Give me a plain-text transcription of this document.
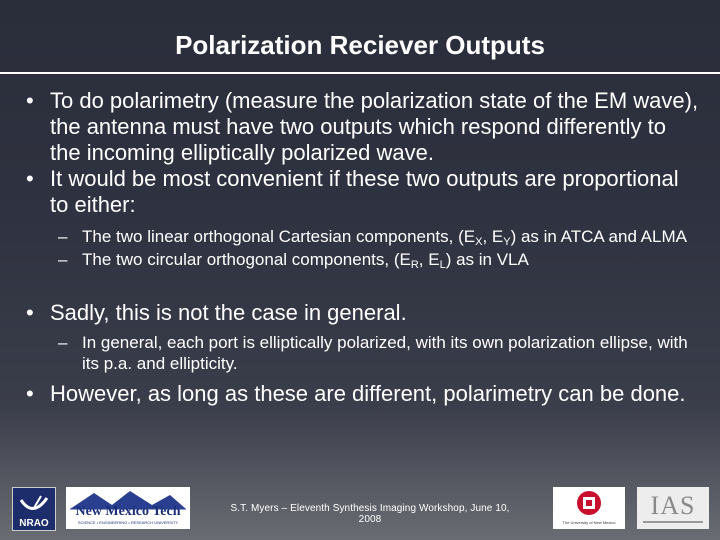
Polarization Reciever Outputs
• To do polarimetry (measure the polarization state of the EM wave), the antenna must have two outputs which respond differently to the incoming elliptically polarized wave.
• It would be most convenient if these two outputs are proportional to either:
– The two linear orthogonal Cartesian components, ($E_X$, $E_Y$) as in ATCA and ALMA
– The two circular orthogonal components, ($E_R$, $E_L$) as in VLA
• Sadly, this is not the case in general.
– In general, each port is elliptically polarized, with its own polarization ellipse, with its p.a. and ellipticity.
• However, as long as these are different, polarimetry can be done.
NRAO
New Mexico Tech
SCIENCE • ENGINEERING • RESEARCH UNIVERSITY
S.T. Myers – Eleventh Synthesis Imaging Workshop, June 10, 2008	The University of New Mexico
IAS
